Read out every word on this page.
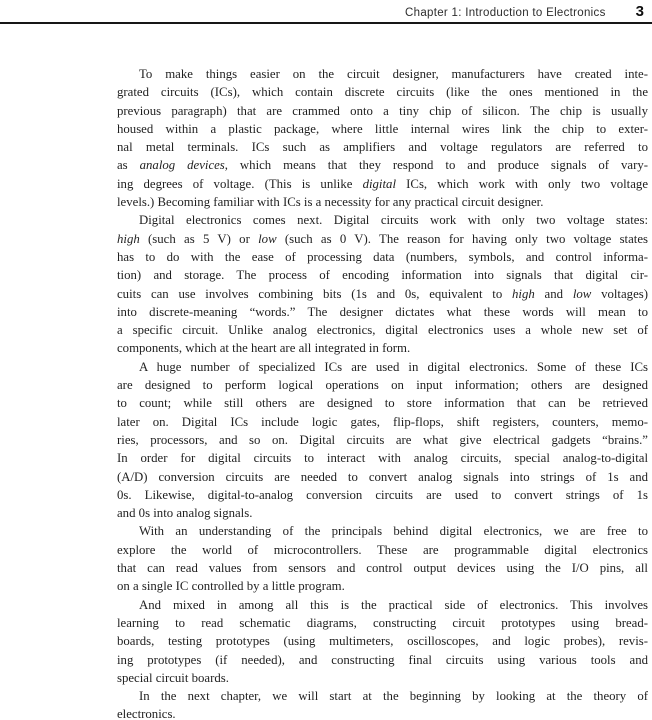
Chapter 1: Introduction to Electronics 3
To make things easier on the circuit designer, manufacturers have created inte-
grated circuits (ICs), which contain discrete circuits (like the ones mentioned in the
previous paragraph) that are crammed onto a tiny chip of silicon. The chip is usually
housed within a plastic package, where little internal wires link the chip to exter-
nal metal terminals. ICs such as amplifiers and voltage regulators are referred to
as analog devices, which means that they respond to and produce signals of vary-
ing degrees of voltage. (This is unlike digital ICs, which work with only two voltage
levels.) Becoming familiar with ICs is a necessity for any practical circuit designer.
Digital electronics comes next. Digital circuits work with only two voltage states:
high (such as 5 V) or low (such as 0 V). The reason for having only two voltage states
has to do with the ease of processing data (numbers, symbols, and control informa-
tion) and storage. The process of encoding information into signals that digital cir-
cuits can use involves combining bits (1s and 0s, equivalent to high and low voltages)
into discrete-meaning “words.” The designer dictates what these words will mean to
a specific circuit. Unlike analog electronics, digital electronics uses a whole new set of
components, which at the heart are all integrated in form.
A huge number of specialized ICs are used in digital electronics. Some of these ICs
are designed to perform logical operations on input information; others are designed
to count; while still others are designed to store information that can be retrieved
later on. Digital ICs include logic gates, flip-flops, shift registers, counters, memo-
ries, processors, and so on. Digital circuits are what give electrical gadgets “brains.”
In order for digital circuits to interact with analog circuits, special analog-to-digital
(A/D) conversion circuits are needed to convert analog signals into strings of 1s and
0s. Likewise, digital-to-analog conversion circuits are used to convert strings of 1s
and 0s into analog signals.
With an understanding of the principals behind digital electronics, we are free to
explore the world of microcontrollers. These are programmable digital electronics
that can read values from sensors and control output devices using the I/O pins, all
on a single IC controlled by a little program.
And mixed in among all this is the practical side of electronics. This involves
learning to read schematic diagrams, constructing circuit prototypes using bread-
boards, testing prototypes (using multimeters, oscilloscopes, and logic probes), revis-
ing prototypes (if needed), and constructing final circuits using various tools and
special circuit boards.
In the next chapter, we will start at the beginning by looking at the theory of
electronics.
